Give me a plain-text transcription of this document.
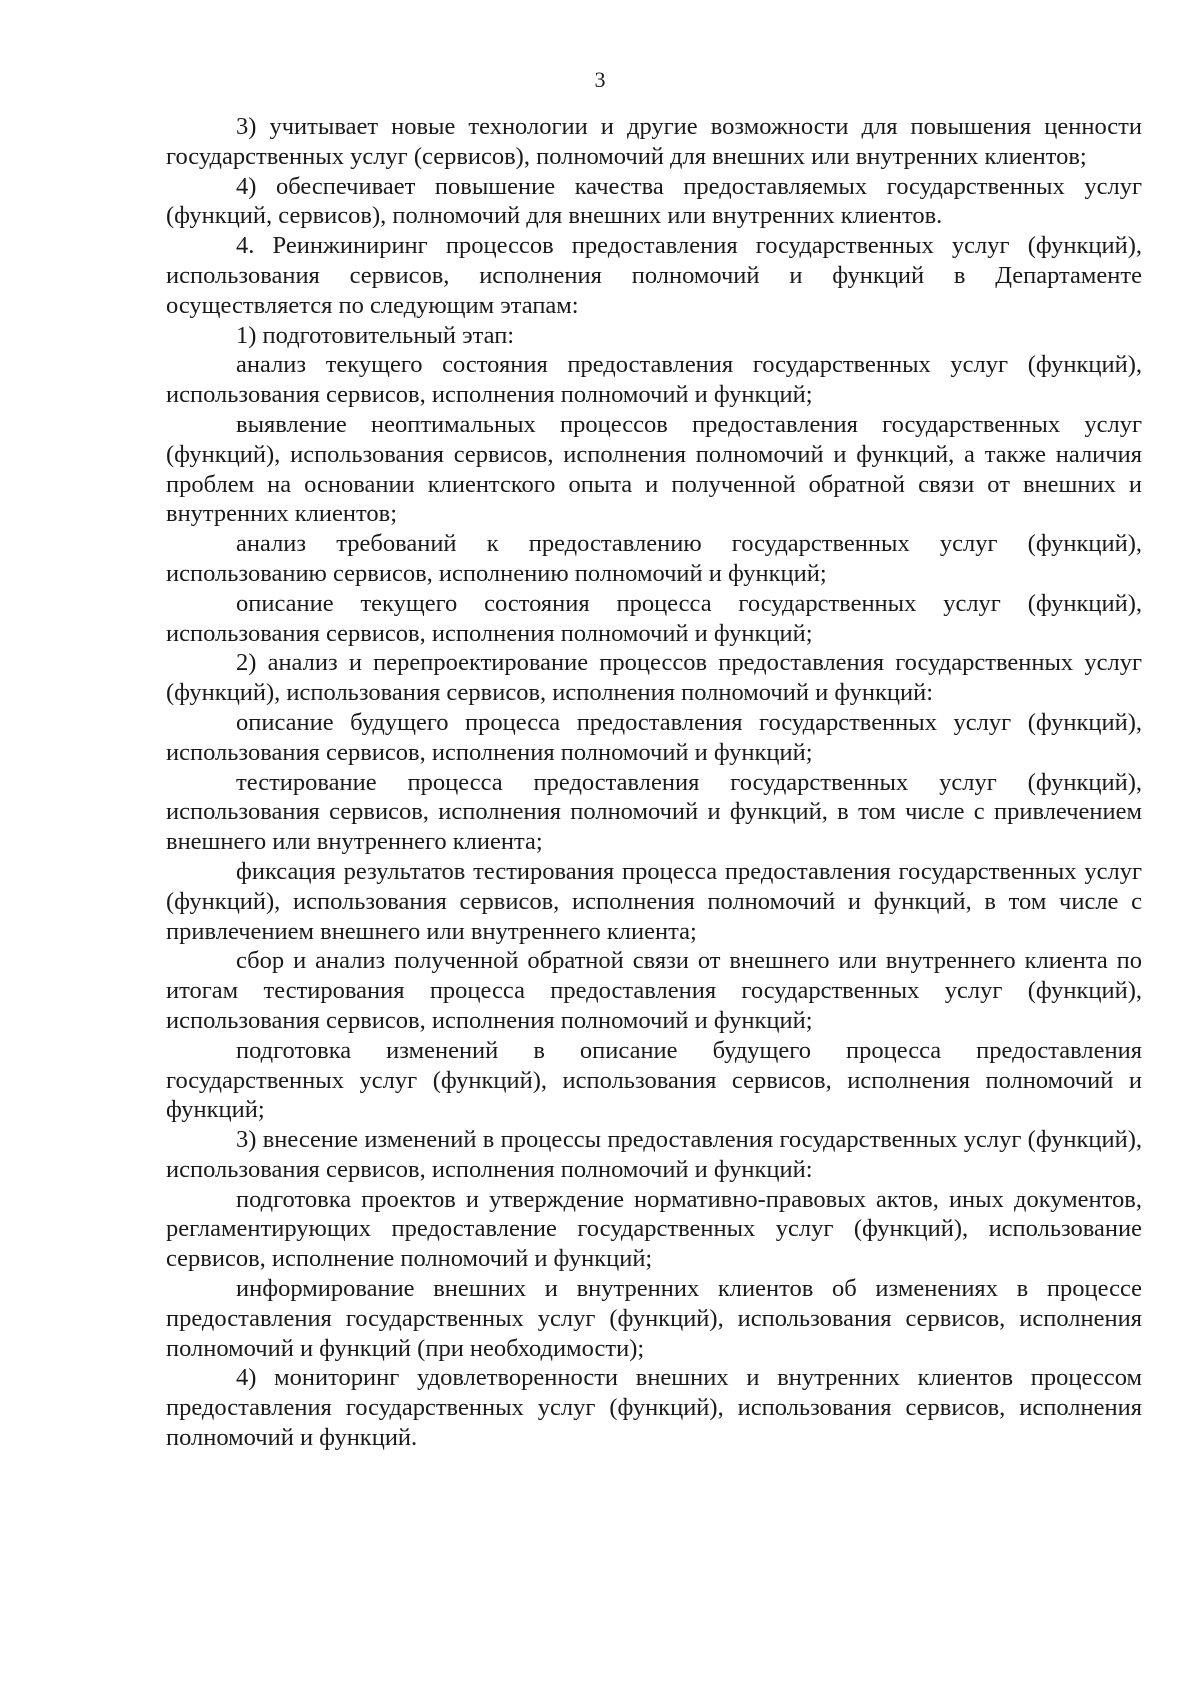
3

3) учитывает новые технологии и другие возможности для повышения ценности государственных услуг (сервисов), полномочий для внешних или внутренних клиентов;

4) обеспечивает повышение качества предоставляемых государственных услуг (функций, сервисов), полномочий для внешних или внутренних клиентов.

4. Реинжиниринг процессов предоставления государственных услуг (функций), использования сервисов, исполнения полномочий и функций в Департаменте осуществляется по следующим этапам:

1) подготовительный этап:

анализ текущего состояния предоставления государственных услуг (функций), использования сервисов, исполнения полномочий и функций;

выявление неоптимальных процессов предоставления государственных услуг (функций), использования сервисов, исполнения полномочий и функций, а также наличия проблем на основании клиентского опыта и полученной обратной связи от внешних и внутренних клиентов;

анализ требований к предоставлению государственных услуг (функций), использованию сервисов, исполнению полномочий и функций;

описание текущего состояния процесса государственных услуг (функций), использования сервисов, исполнения полномочий и функций;

2) анализ и перепроектирование процессов предоставления государственных услуг (функций), использования сервисов, исполнения полномочий и функций:

описание будущего процесса предоставления государственных услуг (функций), использования сервисов, исполнения полномочий и функций;

тестирование процесса предоставления государственных услуг (функций), использования сервисов, исполнения полномочий и функций, в том числе с привлечением внешнего или внутреннего клиента;

фиксация результатов тестирования процесса предоставления государственных услуг (функций), использования сервисов, исполнения полномочий и функций, в том числе с привлечением внешнего или внутреннего клиента;

сбор и анализ полученной обратной связи от внешнего или внутреннего клиента по итогам тестирования процесса предоставления государственных услуг (функций), использования сервисов, исполнения полномочий и функций;

подготовка изменений в описание будущего процесса предоставления государственных услуг (функций), использования сервисов, исполнения полномочий и функций;

3) внесение изменений в процессы предоставления государственных услуг (функций), использования сервисов, исполнения полномочий и функций:

подготовка проектов и утверждение нормативно-правовых актов, иных документов, регламентирующих предоставление государственных услуг (функций), использование сервисов, исполнение полномочий и функций;

информирование внешних и внутренних клиентов об изменениях в процессе предоставления государственных услуг (функций), использования сервисов, исполнения полномочий и функций (при необходимости);

4) мониторинг удовлетворенности внешних и внутренних клиентов процессом предоставления государственных услуг (функций), использования сервисов, исполнения полномочий и функций.
